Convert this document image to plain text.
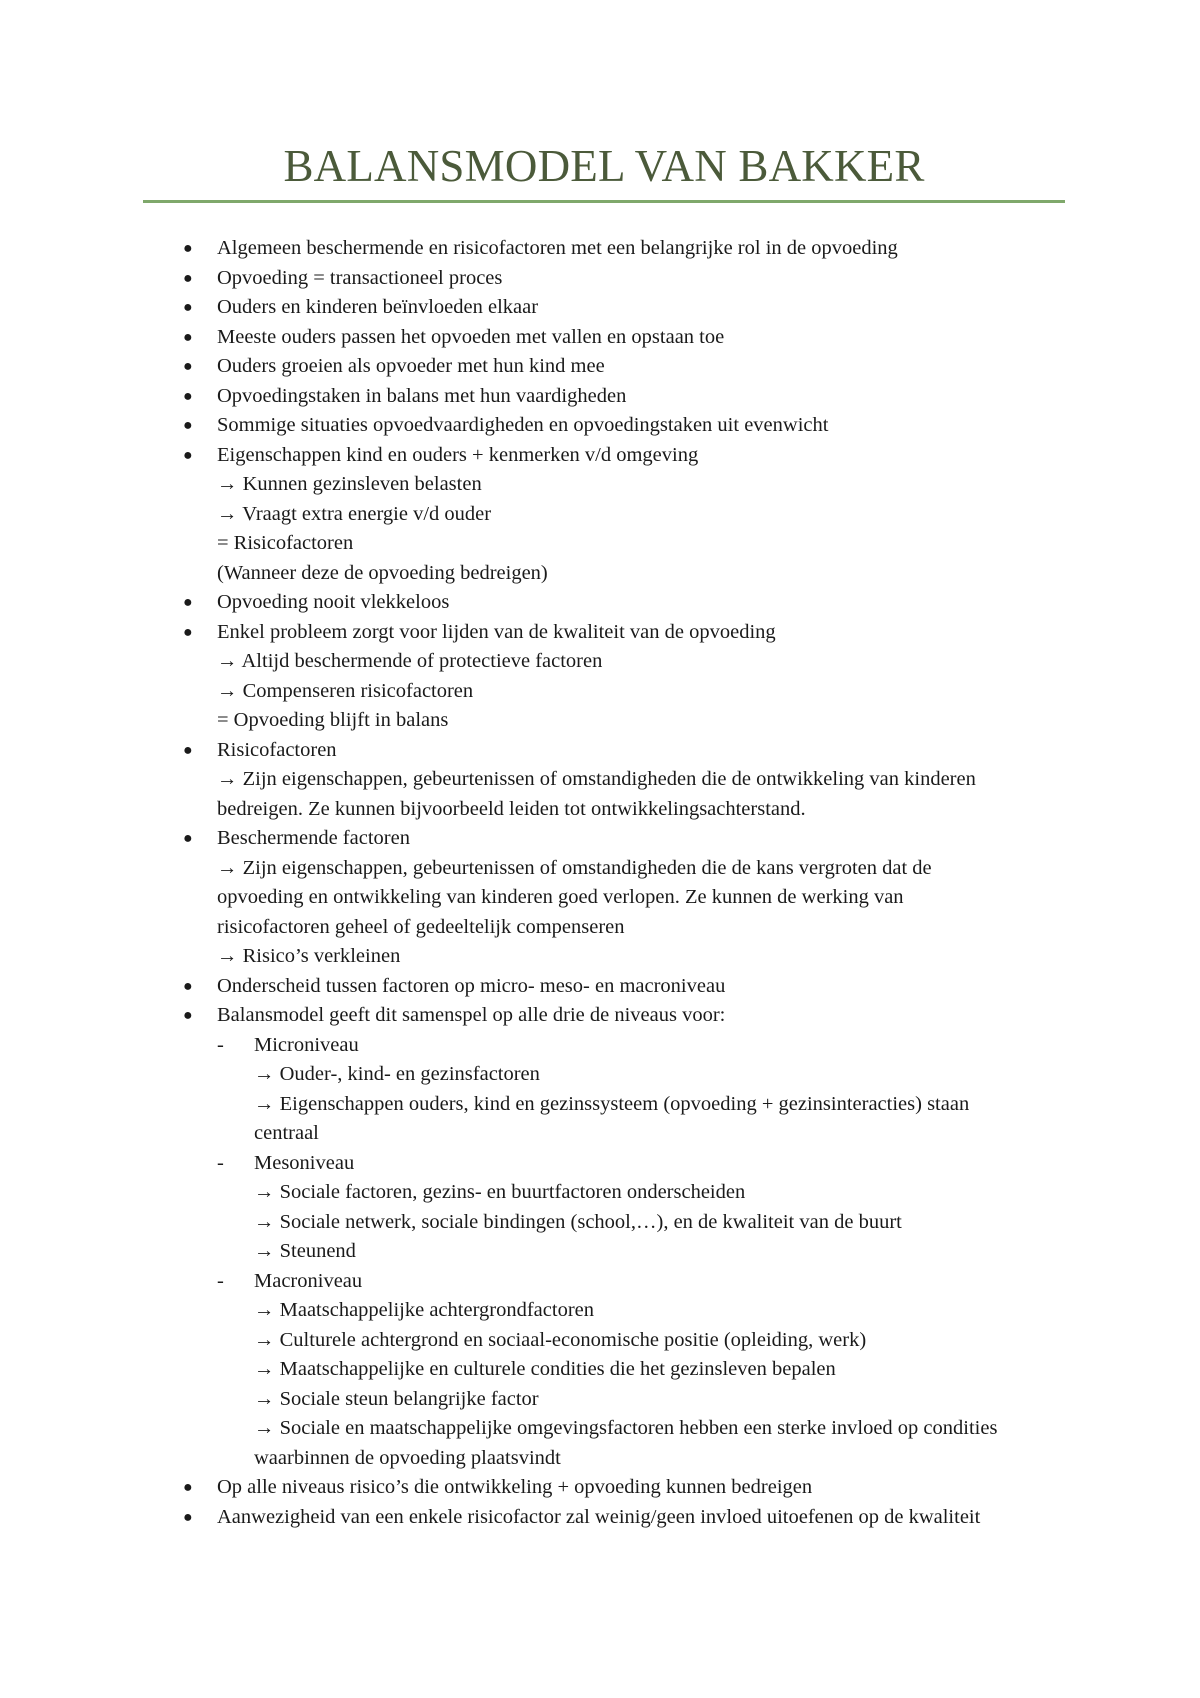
BALANSMODEL VAN BAKKER
● Algemeen beschermende en risicofactoren met een belangrijke rol in de opvoeding
● Opvoeding = transactioneel proces
● Ouders en kinderen beïnvloeden elkaar
● Meeste ouders passen het opvoeden met vallen en opstaan toe
● Ouders groeien als opvoeder met hun kind mee
● Opvoedingstaken in balans met hun vaardigheden
● Sommige situaties opvoedvaardigheden en opvoedingstaken uit evenwicht
● Eigenschappen kind en ouders + kenmerken v/d omgeving
→ Kunnen gezinsleven belasten
→ Vraagt extra energie v/d ouder
= Risicofactoren
(Wanneer deze de opvoeding bedreigen)
● Opvoeding nooit vlekkeloos
● Enkel probleem zorgt voor lijden van de kwaliteit van de opvoeding
→ Altijd beschermende of protectieve factoren
→ Compenseren risicofactoren
= Opvoeding blijft in balans
● Risicofactoren
→ Zijn eigenschappen, gebeurtenissen of omstandigheden die de ontwikkeling van kinderen
bedreigen. Ze kunnen bijvoorbeeld leiden tot ontwikkelingsachterstand.
● Beschermende factoren
→ Zijn eigenschappen, gebeurtenissen of omstandigheden die de kans vergroten dat de
opvoeding en ontwikkeling van kinderen goed verlopen. Ze kunnen de werking van
risicofactoren geheel of gedeeltelijk compenseren
→ Risico’s verkleinen
● Onderscheid tussen factoren op micro- meso- en macroniveau
● Balansmodel geeft dit samenspel op alle drie de niveaus voor:
- Microniveau
→ Ouder-, kind- en gezinsfactoren
→ Eigenschappen ouders, kind en gezinssysteem (opvoeding + gezinsinteracties) staan
centraal
- Mesoniveau
→ Sociale factoren, gezins- en buurtfactoren onderscheiden
→ Sociale netwerk, sociale bindingen (school,…), en de kwaliteit van de buurt
→ Steunend
- Macroniveau
→ Maatschappelijke achtergrondfactoren
→ Culturele achtergrond en sociaal-economische positie (opleiding, werk)
→ Maatschappelijke en culturele condities die het gezinsleven bepalen
→ Sociale steun belangrijke factor
→ Sociale en maatschappelijke omgevingsfactoren hebben een sterke invloed op condities
waarbinnen de opvoeding plaatsvindt
● Op alle niveaus risico’s die ontwikkeling + opvoeding kunnen bedreigen
● Aanwezigheid van een enkele risicofactor zal weinig/geen invloed uitoefenen op de kwaliteit
